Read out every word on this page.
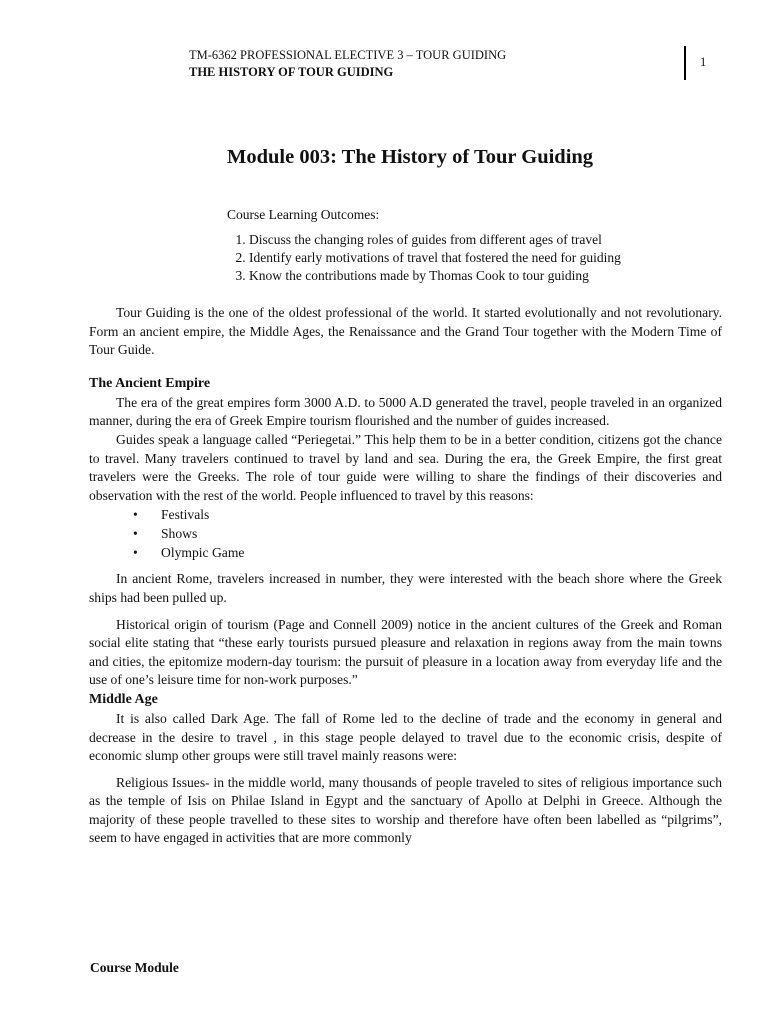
TM-6362 PROFESSIONAL ELECTIVE 3 – TOUR GUIDING
THE HISTORY OF TOUR GUIDING
1
Module 003: The History of Tour Guiding

Course Learning Outcomes:

1. Discuss the changing roles of guides from different ages of travel
2. Identify early motivations of travel that fostered the need for guiding
3. Know the contributions made by Thomas Cook to tour guiding

Tour Guiding is the one of the oldest professional of the world. It started evolutionally and not revolutionary. Form an ancient empire, the Middle Ages, the Renaissance and the Grand Tour together with the Modern Time of Tour Guide.

The Ancient Empire

The era of the great empires form 3000 A.D. to 5000 A.D generated the travel, people traveled in an organized manner, during the era of Greek Empire tourism flourished and the number of guides increased.

Guides speak a language called “Periegetai.” This help them to be in a better condition, citizens got the chance to travel. Many travelers continued to travel by land and sea. During the era, the Greek Empire, the first great travelers were the Greeks. The role of tour guide were willing to share the findings of their discoveries and observation with the rest of the world. People influenced to travel by this reasons:

• Festivals
• Shows
• Olympic Game

In ancient Rome, travelers increased in number, they were interested with the beach shore where the Greek ships had been pulled up.

Historical origin of tourism (Page and Connell 2009) notice in the ancient cultures of the Greek and Roman social elite stating that “these early tourists pursued pleasure and relaxation in regions away from the main towns and cities, the epitomize modern-day tourism: the pursuit of pleasure in a location away from everyday life and the use of one’s leisure time for non-work purposes.”

Middle Age

It is also called Dark Age. The fall of Rome led to the decline of trade and the economy in general and decrease in the desire to travel , in this stage people delayed to travel due to the economic crisis, despite of economic slump other groups were still travel mainly reasons were:

Religious Issues- in the middle world, many thousands of people traveled to sites of religious importance such as the temple of Isis on Philae Island in Egypt and the sanctuary of Apollo at Delphi in Greece. Although the majority of these people travelled to these sites to worship and therefore have often been labelled as “pilgrims”, seem to have engaged in activities that are more commonly

Course Module
